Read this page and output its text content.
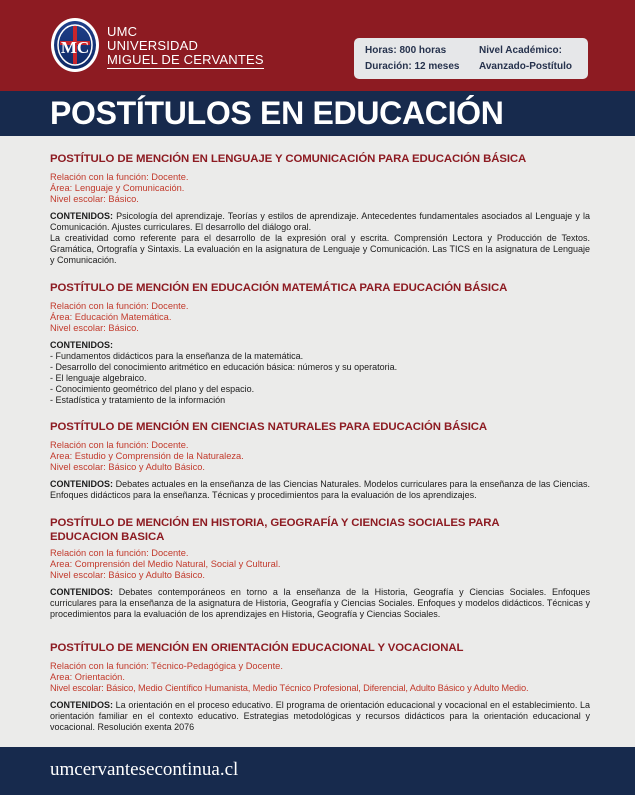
MC
UMC
UNIVERSIDAD
MIGUEL DE CERVANTES
Horas: 800 horas
Duración: 12 meses
Nivel Académico:
Avanzado-Postítulo
POSTÍTULOS EN EDUCACIÓN
POSTÍTULO DE MENCIÓN EN LENGUAJE Y COMUNICACIÓN PARA EDUCACIÓN BÁSICA
Relación con la función: Docente.
Área: Lenguaje y Comunicación.
Nivel escolar: Básico.
CONTENIDOS: Psicología del aprendizaje. Teorías y estilos de aprendizaje. Antecedentes fundamentales asociados al Lenguaje y la Comunicación. Ajustes curriculares. El desarrollo del diálogo oral.
La creatividad como referente para el desarrollo de la expresión oral y escrita. Comprensión Lectora y Producción de Textos. Gramática, Ortografía y Sintaxis. La evaluación en la asignatura de Lenguaje y Comunicación. Las TICS en la asignatura de Lenguaje y Comunicación.
POSTÍTULO DE MENCIÓN EN EDUCACIÓN MATEMÁTICA PARA EDUCACIÓN BÁSICA
Relación con la función: Docente.
Área: Educación Matemática.
Nivel escolar: Básico.
CONTENIDOS:
- Fundamentos didácticos para la enseñanza de la matemática.
- Desarrollo del conocimiento aritmético en educación básica: números y su operatoria.
- El lenguaje algebraico.
- Conocimiento geométrico del plano y del espacio.
- Estadística y tratamiento de la información
POSTÍTULO DE MENCIÓN EN CIENCIAS NATURALES PARA EDUCACIÓN BÁSICA
Relación con la función: Docente.
Area: Estudio y Comprensión de la Naturaleza.
Nivel escolar: Básico y Adulto Básico.
CONTENIDOS: Debates actuales en la enseñanza de las Ciencias Naturales. Modelos curriculares para la enseñanza de las Ciencias. Enfoques didácticos para la enseñanza. Técnicas y procedimientos para la evaluación de los aprendizajes.
POSTÍTULO DE MENCIÓN EN HISTORIA, GEOGRAFÍA Y CIENCIAS SOCIALES PARA
EDUCACION BASICA
Relación con la función: Docente.
Area: Comprensión del Medio Natural, Social y Cultural.
Nivel escolar: Básico y Adulto Básico.
CONTENIDOS: Debates contemporáneos en torno a la enseñanza de la Historia, Geografía y Ciencias Sociales. Enfoques curriculares para la enseñanza de la asignatura de Historia, Geografía y Ciencias Sociales. Enfoques y modelos didácticos. Técnicas y procedimientos para la evaluación de los aprendizajes en Historia, Geografía y Ciencias Sociales.
POSTÍTULO DE MENCIÓN EN ORIENTACIÓN EDUCACIONAL Y VOCACIONAL
Relación con la función: Técnico-Pedagógica y Docente.
Area: Orientación.
Nivel escolar: Básico, Medio Científico Humanista, Medio Técnico Profesional, Diferencial, Adulto Básico y Adulto Medio.
CONTENIDOS: La orientación en el proceso educativo. El programa de orientación educacional y vocacional en el establecimiento. La orientación familiar en el contexto educativo. Estrategias metodológicas y recursos didácticos para la orientación educacional y vocacional. Resolución exenta 2076
umcervantesecontinua.cl
